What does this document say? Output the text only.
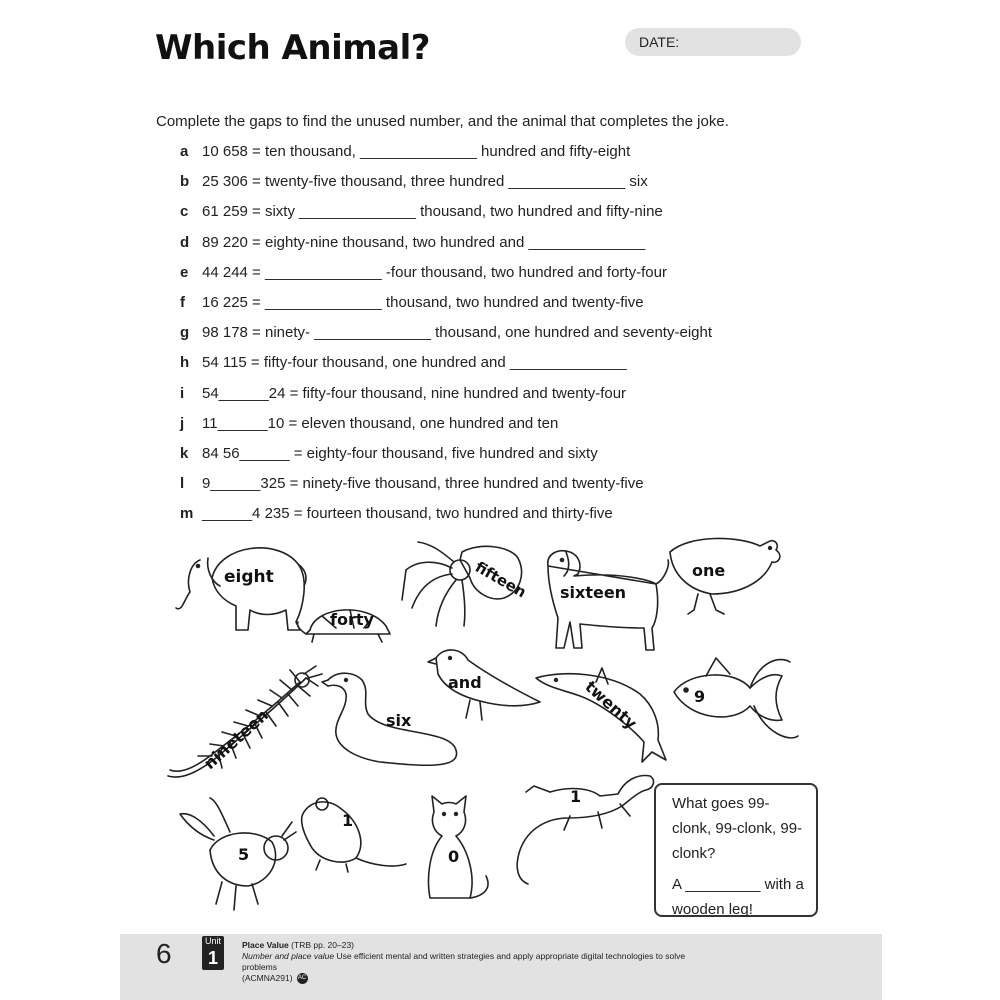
Which Animal?	DATE:
Complete the gaps to find the unused number, and the animal that completes the joke.
a 10 658 = ten thousand, ______________ hundred and fifty-eight
b 25 306 = twenty-five thousand, three hundred ______________ six
c 61 259 = sixty ______________ thousand, two hundred and fifty-nine
d 89 220 = eighty-nine thousand, two hundred and ______________
e 44 244 = ______________ -four thousand, two hundred and forty-four
f	16 225 = ______________ thousand, two hundred and twenty-five
g 98 178 = ninety- ______________ thousand, one hundred and seventy-eight
h 54 115 = fifty-four thousand, one hundred and ______________
i	54______24 = fifty-four thousand, nine hundred and twenty-four
j	11______10 = eleven thousand, one hundred and ten
k 84 56______ = eighty-four thousand, five hundred and sixty
l	9______325 = ninety-five thousand, three hundred and twenty-five
m ______4 235 = fourteen thousand, two hundred and thirty-five
eight
forty
fifteen sixteen
one
nineteen	six
and	twenty	9
5
1
0
1	What goes 99-clonk, 99-clonk, 99-clonk?
A _________ with a wooden leg!
6	Unit
1
Place Value (TRB pp. 20–23)
Number and place value Use efficient mental and written strategies and apply appropriate digital technologies to solve problems

(ACMNA291) AC
